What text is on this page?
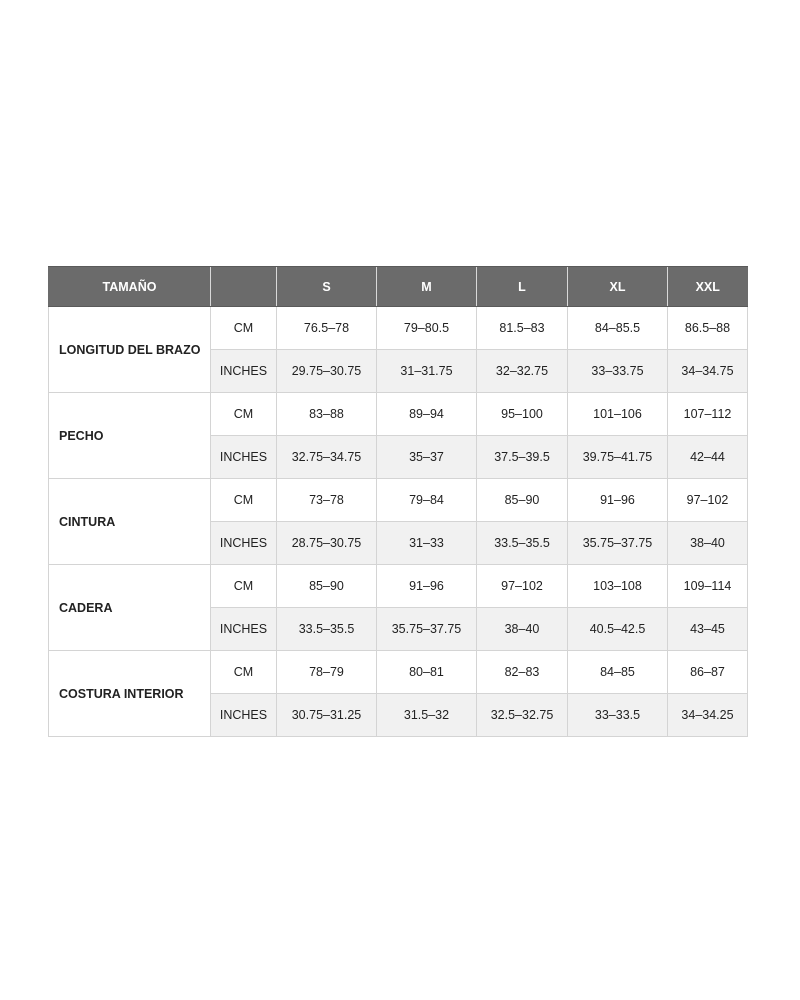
TAMAÑO		S	M	L	XL	XXL
LONGITUD DEL BRAZO	CM	76.5–78	79–80.5	81.5–83	84–85.5	86.5–88
	INCHES	29.75–30.75	31–31.75	32–32.75	33–33.75	34–34.75
PECHO	CM	83–88	89–94	95–100	101–106	107–112
	INCHES	32.75–34.75	35–37	37.5–39.5	39.75–41.75	42–44
CINTURA	CM	73–78	79–84	85–90	91–96	97–102
	INCHES	28.75–30.75	31–33	33.5–35.5	35.75–37.75	38–40
CADERA	CM	85–90	91–96	97–102	103–108	109–114
	INCHES	33.5–35.5	35.75–37.75	38–40	40.5–42.5	43–45
COSTURA INTERIOR	CM	78–79	80–81	82–83	84–85	86–87
	INCHES	30.75–31.25	31.5–32	32.5–32.75	33–33.5	34–34.25
